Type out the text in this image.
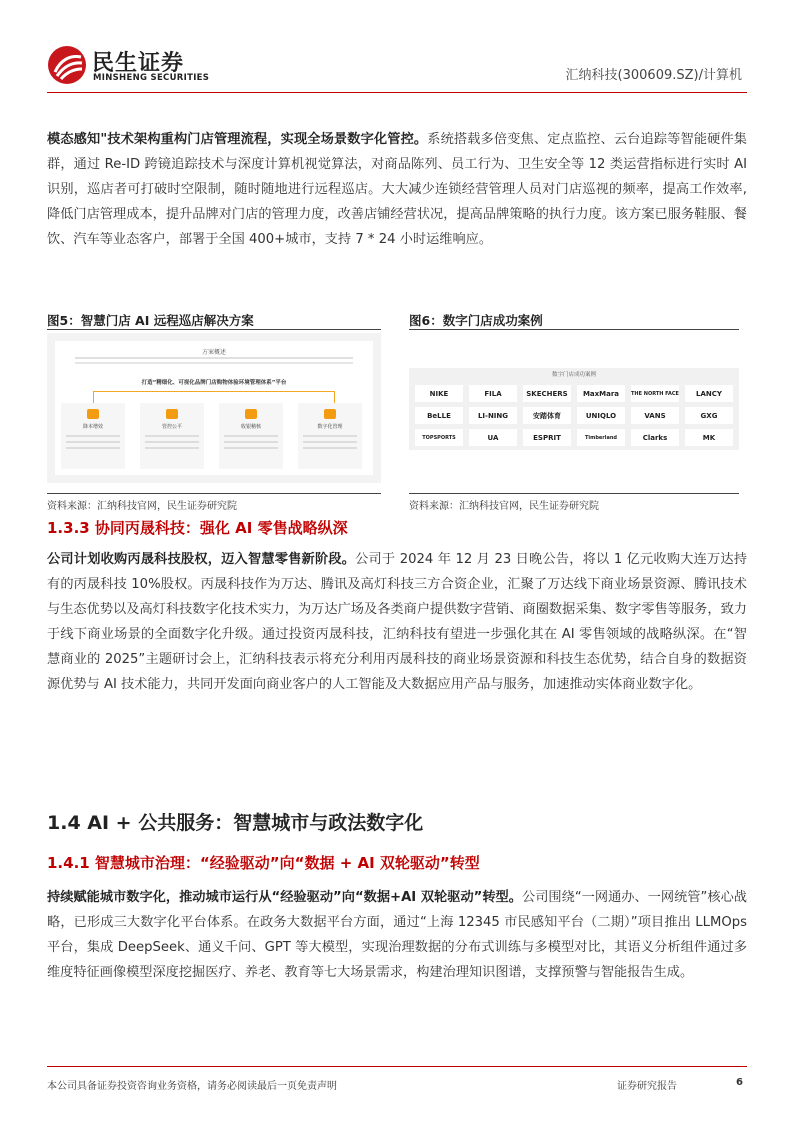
民生证券
MINSHENG SECURITIES	汇纳科技(300609.SZ)/计算机

模态感知"技术架构重构门店管理流程，实现全场景数字化管控。系统搭载多倍变焦、定点监控、云台追踪等智能硬件集群，通过 Re-ID 跨镜追踪技术与深度计算机视觉算法，对商品陈列、员工行为、卫生安全等 12 类运营指标进行实时 AI 识别，巡店者可打破时空限制，随时随地进行远程巡店。大大减少连锁经营管理人员对门店巡视的频率，提高工作效率,降低门店管理成本，提升品牌对门店的管理力度，改善店铺经营状况，提高品牌策略的执行力度。该方案已服务鞋服、餐饮、汽车等业态客户，部署于全国 400+城市，支持 7 * 24 小时运维响应。

图5：智慧门店 AI 远程巡店解决方案
方案概述
打造“精细化、可视化品牌门店购物体验环境管理体系”平台
降本增效	管控公平	收银稽核	数字化管理
资料来源：汇纳科技官网，民生证券研究院
图6：数字门店成功案例
数字门店成功案例
NIKE	FILA	SKECHERS	MaxMara	THE NORTH FACE	LANCY
BeLLE	LI-NING	安踏体育	UNIQLO	VANS	GXG
TOPSPORTS	UA	ESPRIT	Timberland	Clarks	MK
资料来源：汇纳科技官网，民生证券研究院
1.3.3 协同丙晟科技：强化 AI 零售战略纵深

公司计划收购丙晟科技股权，迈入智慧零售新阶段。公司于 2024 年 12 月 23 日晚公告，将以 1 亿元收购大连万达持有的丙晟科技 10%股权。丙晟科技作为万达、腾讯及高灯科技三方合资企业，汇聚了万达线下商业场景资源、腾讯技术与生态优势以及高灯科技数字化技术实力，为万达广场及各类商户提供数字营销、商圈数据采集、数字零售等服务，致力于线下商业场景的全面数字化升级。通过投资丙晟科技，汇纳科技有望进一步强化其在 AI 零售领域的战略纵深。在“智慧商业的 2025”主题研讨会上，汇纳科技表示将充分利用丙晟科技的商业场景资源和科技生态优势，结合自身的数据资源优势与 AI 技术能力，共同开发面向商业客户的人工智能及大数据应用产品与服务，加速推动实体商业数字化。

1.4 AI + 公共服务：智慧城市与政法数字化
1.4.1 智慧城市治理：“经验驱动”向“数据 + AI 双轮驱动”转型

持续赋能城市数字化，推动城市运行从“经验驱动”向“数据+AI 双轮驱动”转型。公司围绕“一网通办、一网统管”核心战略，已形成三大数字化平台体系。在政务大数据平台方面，通过“上海 12345 市民感知平台（二期）”项目推出 LLMOps 平台，集成 DeepSeek、通义千问、GPT 等大模型，实现治理数据的分布式训练与多模型对比，其语义分析组件通过多维度特征画像模型深度挖掘医疗、养老、教育等七大场景需求，构建治理知识图谱，支撑预警与智能报告生成。

本公司具备证券投资咨询业务资格，请务必阅读最后一页免责声明	证券研究报告	6
